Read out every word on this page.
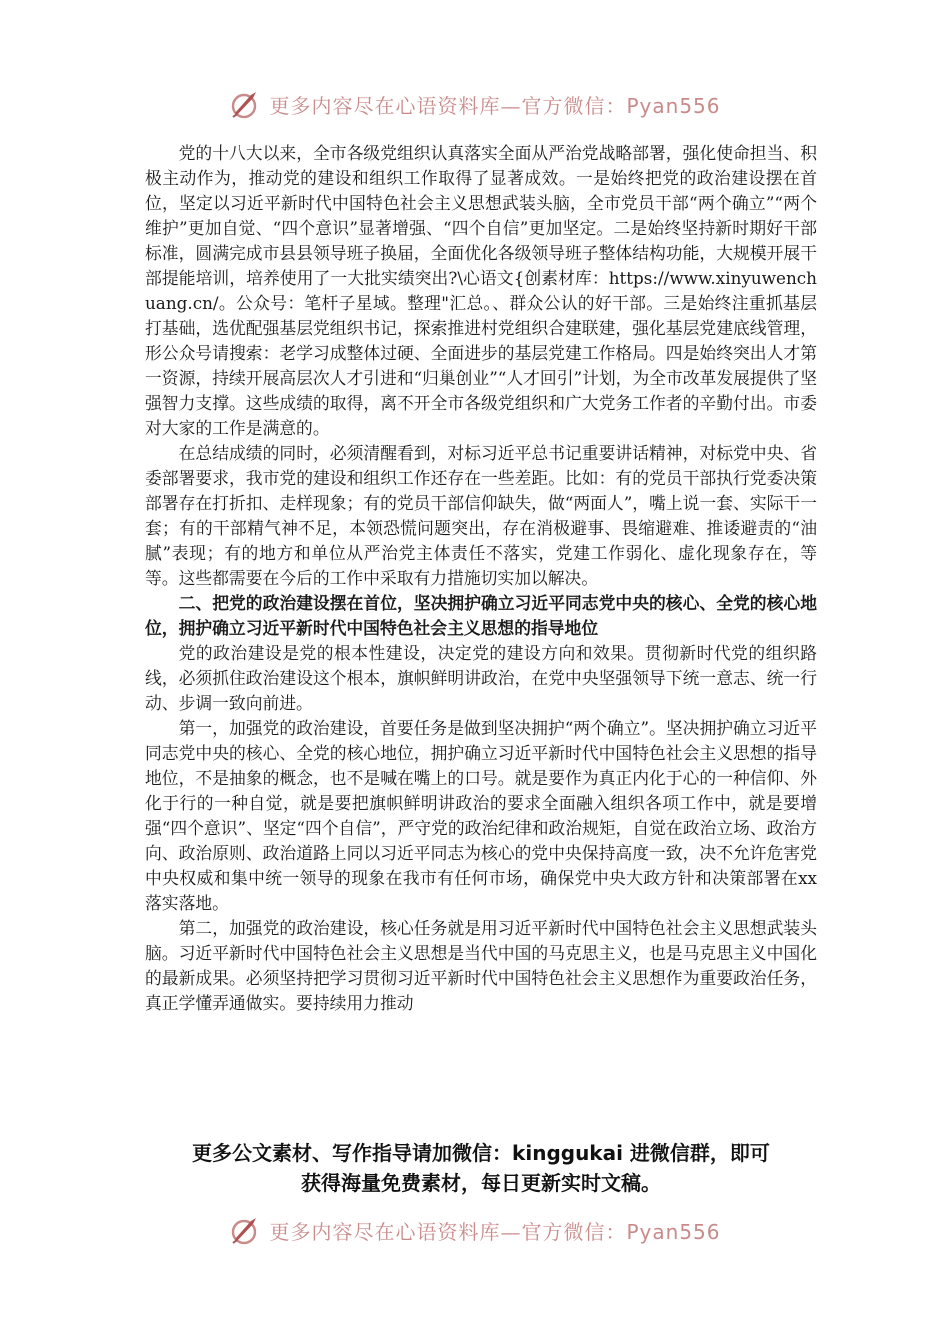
更多内容尽在心语资料库—官方微信：Pyan556

党的十八大以来，全市各级党组织认真落实全面从严治党战略部署，强化使命担当、积极主动作为，推动党的建设和组织工作取得了显著成效。一是始终把党的政治建设摆在首位，坚定以习近平新时代中国特色社会主义思想武装头脑，全市党员干部“两个确立”“两个维护”更加自觉、“四个意识”显著增强、“四个自信”更加坚定。二是始终坚持新时期好干部标准，圆满完成市县县领导班子换届，全面优化各级领导班子整体结构功能，大规模开展干部提能培训，培养使用了一大批实绩突出?\心语文{创素材库：https://www.xinyuwenchuang.cn/。公众号：笔杆子星域。整理"汇总。、群众公认的好干部。三是始终注重抓基层打基础，选优配强基层党组织书记，探索推进村党组织合建联建，强化基层党建底线管理，形公众号请搜索：老学习成整体过硬、全面进步的基层党建工作格局。四是始终突出人才第一资源，持续开展高层次人才引进和“归巢创业”“人才回引”计划，为全市改革发展提供了坚强智力支撑。这些成绩的取得，离不开全市各级党组织和广大党务工作者的辛勤付出。市委对大家的工作是满意的。

在总结成绩的同时，必须清醒看到，对标习近平总书记重要讲话精神，对标党中央、省委部署要求，我市党的建设和组织工作还存在一些差距。比如：有的党员干部执行党委决策部署存在打折扣、走样现象；有的党员干部信仰缺失，做“两面人”，嘴上说一套、实际干一套；有的干部精气神不足，本领恐慌问题突出，存在消极避事、畏缩避难、推诿避责的“油腻”表现；有的地方和单位从严治党主体责任不落实，党建工作弱化、虚化现象存在，等等。这些都需要在今后的工作中采取有力措施切实加以解决。

二、把党的政治建设摆在首位，坚决拥护确立习近平同志党中央的核心、全党的核心地位，拥护确立习近平新时代中国特色社会主义思想的指导地位

党的政治建设是党的根本性建设，决定党的建设方向和效果。贯彻新时代党的组织路线，必须抓住政治建设这个根本，旗帜鲜明讲政治，在党中央坚强领导下统一意志、统一行动、步调一致向前进。

第一，加强党的政治建设，首要任务是做到坚决拥护“两个确立”。坚决拥护确立习近平同志党中央的核心、全党的核心地位，拥护确立习近平新时代中国特色社会主义思想的指导地位，不是抽象的概念，也不是喊在嘴上的口号。就是要作为真正内化于心的一种信仰、外化于行的一种自觉，就是要把旗帜鲜明讲政治的要求全面融入组织各项工作中，就是要增强“四个意识”、坚定“四个自信”，严守党的政治纪律和政治规矩，自觉在政治立场、政治方向、政治原则、政治道路上同以习近平同志为核心的党中央保持高度一致，决不允许危害党中央权威和集中统一领导的现象在我市有任何市场，确保党中央大政方针和决策部署在xx落实落地。

第二，加强党的政治建设，核心任务就是用习近平新时代中国特色社会主义思想武装头脑。习近平新时代中国特色社会主义思想是当代中国的马克思主义，也是马克思主义中国化的最新成果。必须坚持把学习贯彻习近平新时代中国特色社会主义思想作为重要政治任务，真正学懂弄通做实。要持续用力推动

更多公文素材、写作指导请加微信：kinggukai 进微信群，即可
获得海量免费素材，每日更新实时文稿。
更多内容尽在心语资料库—官方微信：Pyan556
